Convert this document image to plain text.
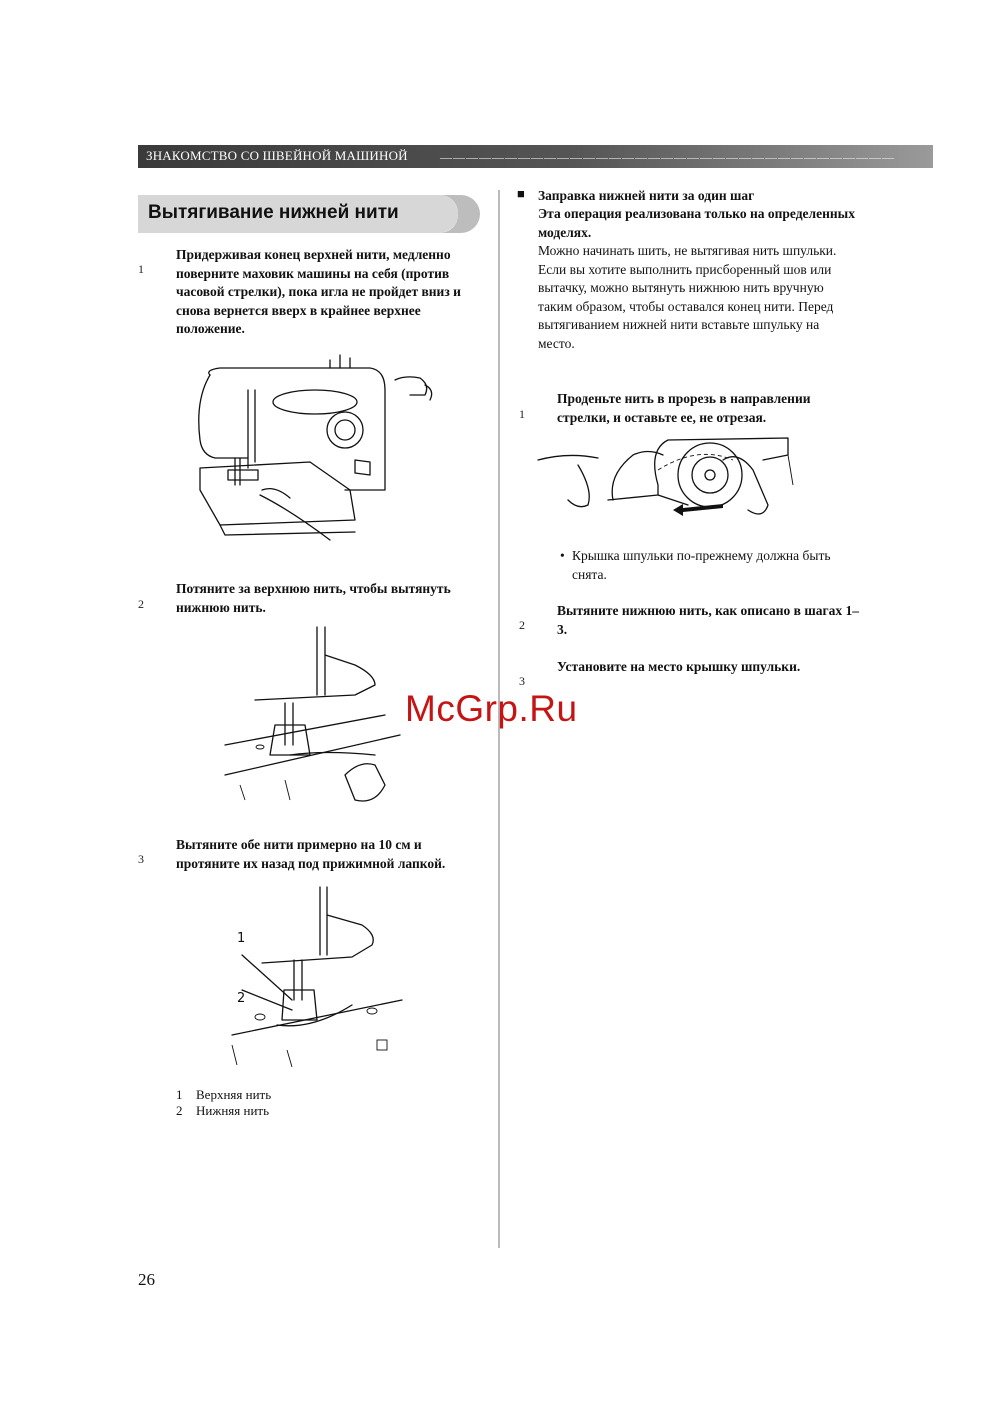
ЗНАКОМСТВО СО ШВЕЙНОЙ МАШИНОЙ	———————————————————————————————————
Вытягивание нижней нити
1
Придерживая конец верхней нити, медленно поверните маховик машины на себя (против часовой стрелки), пока игла не пройдет вниз и снова вернется вверх в крайнее верхнее положение.
2
Потяните за верхнюю нить, чтобы вытянуть нижнюю нить.
3
Вытяните обе нити примерно на 10 см и протяните их назад под прижимной лапкой.
1
2
1 Верхняя нить
2 Нижняя нить
■ Заправка нижней нити за один шаг
Эта операция реализована только на определенных моделях.
Можно начинать шить, не вытягивая нить шпульки. Если вы хотите выполнить присборенный шов или вытачку, можно вытянуть нижнюю нить вручную таким образом, чтобы оставался конец нити. Перед вытягиванием нижней нити вставьте шпульку на место.
1
Проденьте нить в прорезь в направлении стрелки, и оставьте ее, не отрезая.
• Крышка шпульки по-прежнему должна быть снята.
2
Вытяните нижнюю нить, как описано в шагах 1–3.
3
Установите на место крышку шпульки.
McGrp.Ru
26
